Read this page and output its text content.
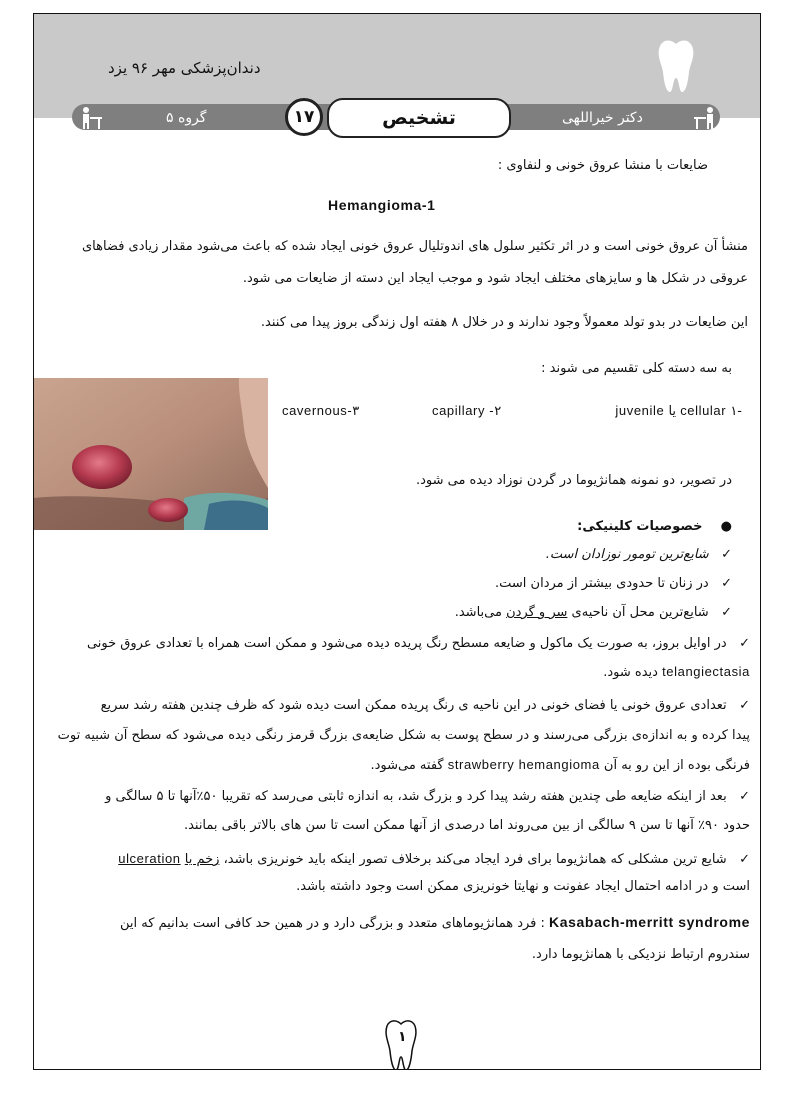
دندان‌پزشکی مهر ۹۶ یزد
گروه ۵	دکتر خیراللهی
۱۷	تشخیص
ضایعات با منشا عروق خونی و لنفاوی :
Hemangioma-1
منشأ آن عروق خونی است و در اثر تکثیر سلول های اندوتلیال عروق خونی ایجاد شده که باعث می‌شود مقدار زیادی فضاهای
عروقی در شکل ها و سایزهای مختلف ایجاد شود و موجب ایجاد این دسته از ضایعات می شود.
این ضایعات در بدو تولد معمولاً وجود ندارند و در خلال ۸ هفته اول زندگی بروز پیدا می کنند.
به سه دسته کلی تقسیم می شوند :
-۱ cellular یا juvenile
capillary -۲
cavernous-۳
در تصویر، دو نمونه همانژیوما در گردن نوزاد دیده می شود.
●    خصوصیات کلینیکی:
✓   شایع‌ترین تومور نوزادان است.
✓   در زنان تا حدودی بیشتر از مردان است.
✓   شایع‌ترین محل آن ناحیه‌ی سر و گردن می‌باشد.
✓   در اوایل بروز، به صورت یک ماکول و ضایعه مسطح رنگ پریده دیده می‌شود و ممکن است همراه با تعدادی عروق خونی
telangiectasia دیده شود.
✓   تعدادی عروق خونی یا فضای خونی در این ناحیه ی رنگ پریده ممکن است دیده شود که ظرف چندین هفته رشد سریع
پیدا کرده و به اندازه‌ی بزرگی می‌رسند و در سطح پوست به شکل ضایعه‌ی بزرگ قرمز رنگی دیده می‌شود که سطح آن شبیه توت
فرنگی بوده از این رو به آن strawberry hemangioma گفته می‌شود.
✓   بعد از اینکه ضایعه طی چندین هفته رشد پیدا کرد و بزرگ شد، به اندازه ثابتی می‌رسد که تقریبا ۵۰٪آنها تا ۵ سالگی و
حدود ۹۰٪ آنها تا سن ۹ سالگی از بین می‌روند اما درصدی از آنها ممکن است تا سن های بالاتر باقی بمانند.
✓   شایع ترین مشکلی که همانژیوما برای فرد ایجاد می‌کند برخلاف تصور اینکه باید خونریزی باشد، زخم یا ulceration
است و در ادامه احتمال ایجاد عفونت و نهایتا خونریزی ممکن است وجود داشته باشد.
Kasabach-merritt syndrome : فرد همانژیوماهای متعدد و بزرگی دارد و در همین حد کافی است بدانیم که این
سندروم ارتباط نزدیکی با همانژیوما دارد.
۱
